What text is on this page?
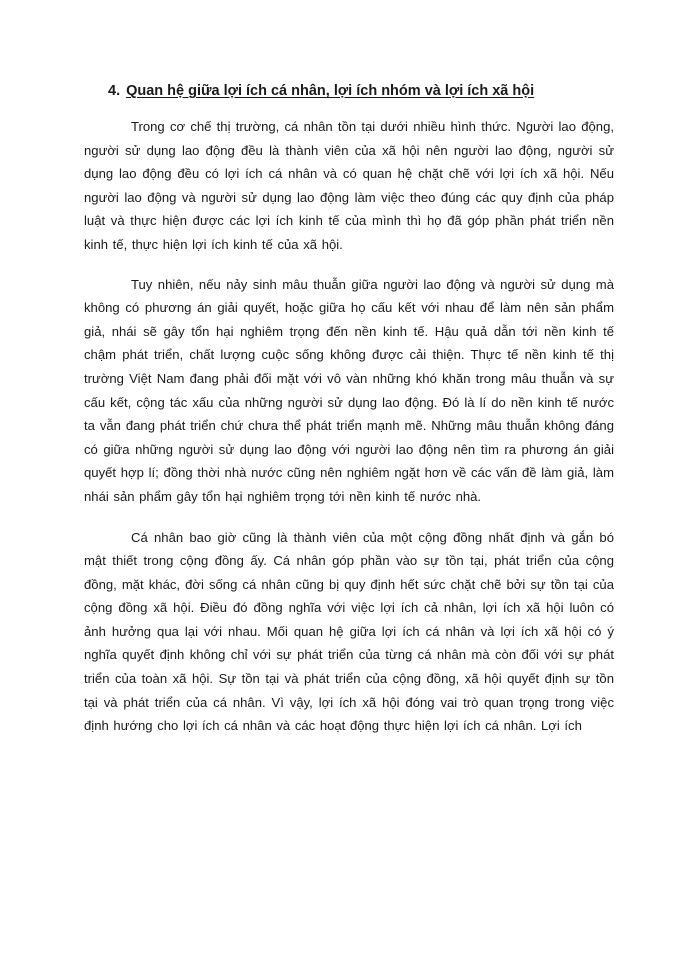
4. Quan hệ giữa lợi ích cá nhân, lợi ích nhóm và lợi ích xã hội

Trong cơ chế thị trường, cá nhân tồn tại dưới nhiều hình thức. Người lao động, người sử dụng lao động đều là thành viên của xã hội nên người lao động, người sử dụng lao động đều có lợi ích cá nhân và có quan hệ chặt chẽ với lợi ích xã hội. Nếu người lao động và người sử dụng lao động làm việc theo đúng các quy định của pháp luật và thực hiện được các lợi ích kinh tế của mình thì họ đã góp phần phát triển nền kinh tế, thực hiện lợi ích kinh tế của xã hội.

Tuy nhiên, nếu nảy sinh mâu thuẫn giữa người lao động và người sử dụng mà không có phương án giải quyết, hoặc giữa họ cấu kết với nhau để làm nên sản phẩm giả, nhái sẽ gây tổn hại nghiêm trọng đến nền kinh tế. Hậu quả dẫn tới nền kinh tế chậm phát triển, chất lượng cuộc sống không được cải thiện. Thực tế nền kinh tế thị trường Việt Nam đang phải đối mặt với vô vàn những khó khăn trong mâu thuẫn và sự cấu kết, cộng tác xấu của những người sử dụng lao động. Đó là lí do nền kinh tế nước ta vẫn đang phát triển chứ chưa thể phát triển mạnh mẽ. Những mâu thuẫn không đáng có giữa những người sử dụng lao động với người lao động nên tìm ra phương án giải quyết hợp lí; đồng thời nhà nước cũng nên nghiêm ngặt hơn về các vấn đề làm giả, làm nhái sản phẩm gây tổn hại nghiêm trọng tới nền kinh tế nước nhà.

Cá nhân bao giờ cũng là thành viên của một cộng đồng nhất định và gắn bó mật thiết trong cộng đồng ấy. Cá nhân góp phần vào sự tồn tại, phát triển của cộng đồng, mặt khác, đời sống cá nhân cũng bị quy định hết sức chặt chẽ bởi sự tồn tại của cộng đồng xã hội. Điều đó đồng nghĩa với việc lợi ích cả nhân, lợi ích xã hội luôn có ảnh hưởng qua lại với nhau. Mối quan hệ giữa lợi ích cá nhân và lợi ích xã hội có ý nghĩa quyết định không chỉ với sự phát triển của từng cá nhân mà còn đối với sự phát triển của toàn xã hội. Sự tồn tại và phát triển của cộng đồng, xã hội quyết định sự tồn tại và phát triển của cá nhân. Vì vậy, lợi ích xã hội đóng vai trò quan trọng trong việc định hướng cho lợi ích cá nhân và các hoạt động thực hiện lợi ích cá nhân. Lợi ích
